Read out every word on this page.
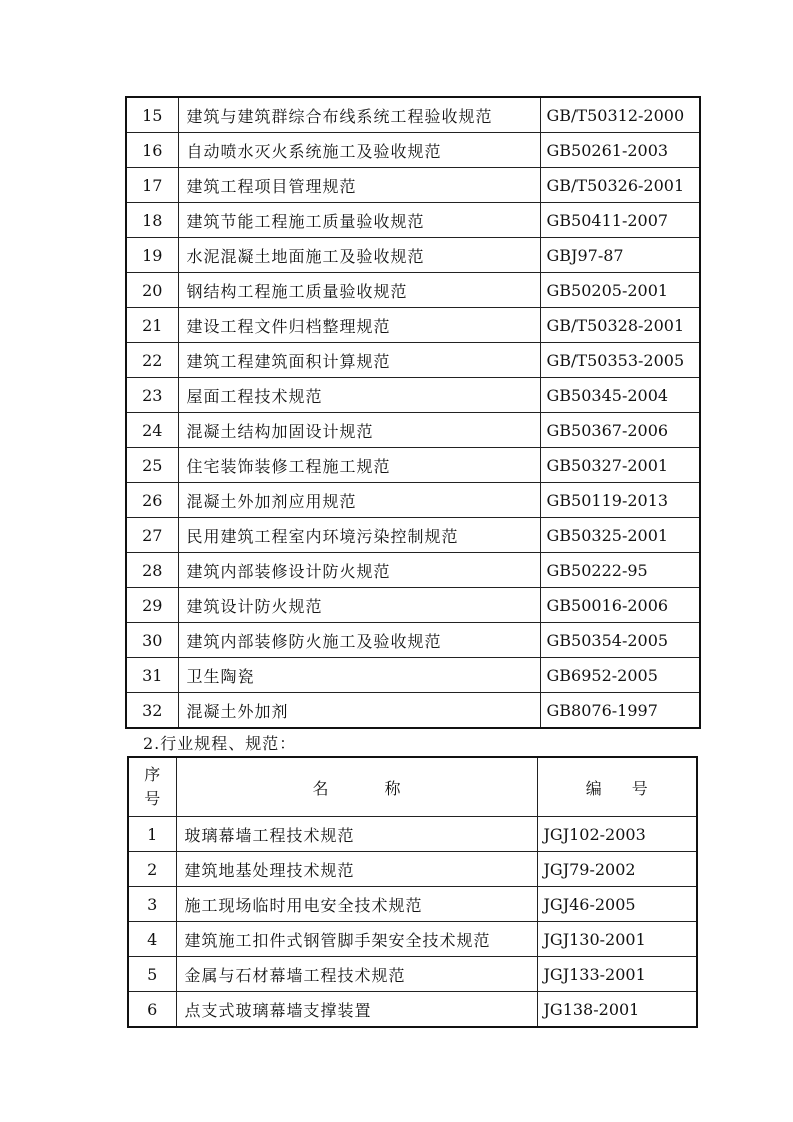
15	建筑与建筑群综合布线系统工程验收规范	GB/T50312-2000
16	自动喷水灭火系统施工及验收规范	GB50261-2003
17	建筑工程项目管理规范	GB/T50326-2001
18	建筑节能工程施工质量验收规范	GB50411-2007
19	水泥混凝土地面施工及验收规范	GBJ97-87
20	钢结构工程施工质量验收规范	GB50205-2001
21	建设工程文件归档整理规范	GB/T50328-2001
22	建筑工程建筑面积计算规范	GB/T50353-2005
23	屋面工程技术规范	GB50345-2004
24	混凝土结构加固设计规范	GB50367-2006
25	住宅装饰装修工程施工规范	GB50327-2001
26	混凝土外加剂应用规范	GB50119-2013
27	民用建筑工程室内环境污染控制规范	GB50325-2001
28	建筑内部装修设计防火规范	GB50222-95
29	建筑设计防火规范	GB50016-2006
30	建筑内部装修防火施工及验收规范	GB50354-2005
31	卫生陶瓷	GB6952-2005
32	混凝土外加剂	GB8076-1997
2.行业规程、规范：
序
号	名称	编号
1	玻璃幕墙工程技术规范	JGJ102-2003
2	建筑地基处理技术规范	JGJ79-2002
3	施工现场临时用电安全技术规范	JGJ46-2005
4	建筑施工扣件式钢管脚手架安全技术规范	JGJ130-2001
5	金属与石材幕墙工程技术规范	JGJ133-2001
6	点支式玻璃幕墙支撑装置	JG138-2001
